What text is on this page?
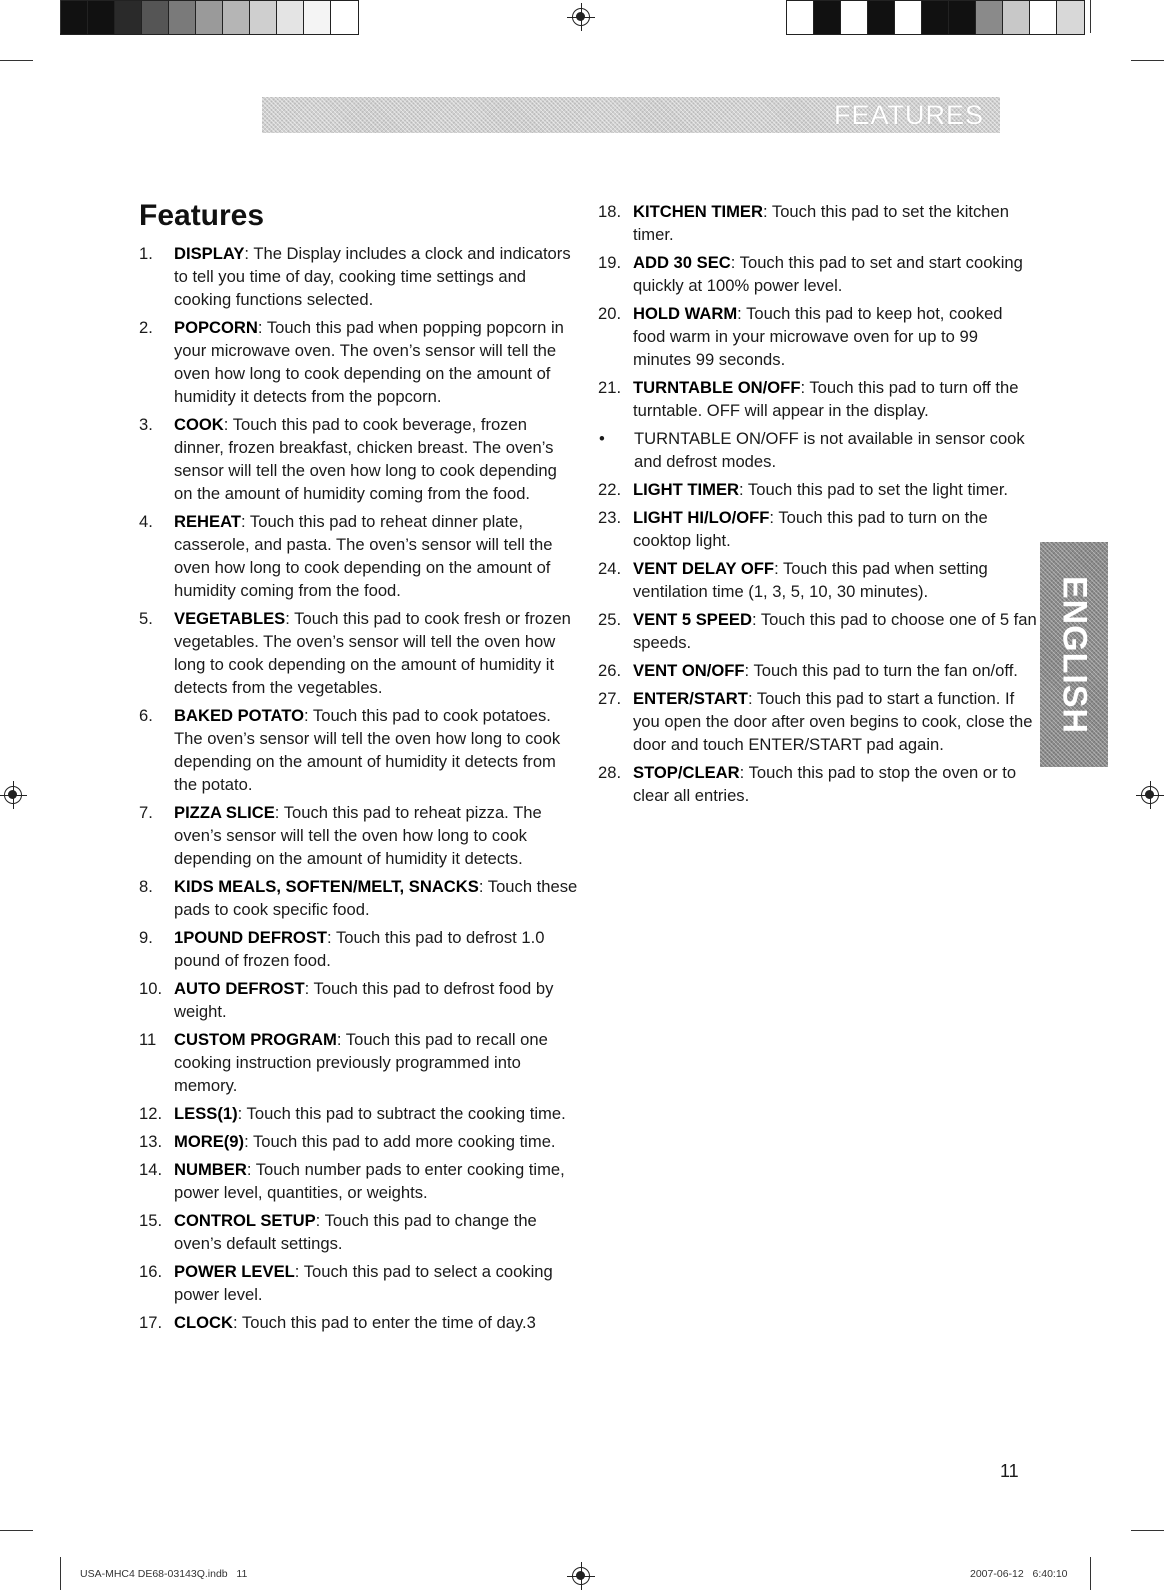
FEATURES
ENGLISH
Features
1.	DISPLAY: The Display includes a clock and indicators to tell you time of day, cooking time settings and cooking functions selected.
2.	POPCORN: Touch this pad when popping popcorn in your microwave oven. The oven’s sensor will tell the oven how long to cook depending on the amount of humidity it detects from the popcorn.
3.	COOK: Touch this pad to cook beverage, frozen dinner, frozen breakfast, chicken breast. The oven’s sensor will tell the oven how long to cook depending on the amount of humidity coming from the food.
4.	REHEAT: Touch this pad to reheat dinner plate, casserole, and pasta. The oven’s sensor will tell the oven how long to cook depending on the amount of humidity coming from the food.
5.	VEGETABLES: Touch this pad to cook fresh or frozen vegetables. The oven’s sensor will tell the oven how long to cook depending on the amount of humidity it detects from the vegetables.
6.	BAKED POTATO: Touch this pad to cook potatoes. The oven’s sensor will tell the oven how long to cook depending on the amount of humidity it detects from the potato.
7.	PIZZA SLICE: Touch this pad to reheat pizza. The oven’s sensor will tell the oven how long to cook depending on the amount of humidity it detects.
8.	KIDS MEALS, SOFTEN/MELT, SNACKS: Touch these pads to cook specific food.
9.	1POUND DEFROST: Touch this pad to defrost 1.0 pound of frozen food.
10. AUTO DEFROST: Touch this pad to defrost food by weight.
11	CUSTOM PROGRAM: Touch this pad to recall one cooking instruction previously programmed into memory.
12. LESS(1): Touch this pad to subtract the cooking time.
13. MORE(9): Touch this pad to add more cooking time.
14. NUMBER: Touch number pads to enter cooking time, power level, quantities, or weights.
15. CONTROL SETUP: Touch this pad to change the oven’s default settings.
16. POWER LEVEL: Touch this pad to select a cooking power level.
17. CLOCK: Touch this pad to enter the time of day.3
18. KITCHEN TIMER: Touch this pad to set the kitchen timer.
19. ADD 30 SEC: Touch this pad to set and start cooking quickly at 100% power level.
20. HOLD WARM: Touch this pad to keep hot, cooked food warm in your microwave oven for up to 99 minutes 99 seconds.
21. TURNTABLE ON/OFF: Touch this pad to turn off the turntable. OFF will appear in the display.
•	TURNTABLE ON/OFF is not available in sensor cook and defrost modes.
22. LIGHT TIMER: Touch this pad to set the light timer.
23. LIGHT HI/LO/OFF: Touch this pad to turn on the cooktop light.
24. VENT DELAY OFF: Touch this pad when setting ventilation time (1, 3, 5, 10, 30 minutes).
25. VENT 5 SPEED: Touch this pad to choose one of 5 fan speeds.
26. VENT ON/OFF: Touch this pad to turn the fan on/off.
27. ENTER/START: Touch this pad to start a function. If you open the door after oven begins to cook, close the door and touch ENTER/START pad again.
28. STOP/CLEAR: Touch this pad to stop the oven or to clear all entries.
11
USA-MHC4 DE68-03143Q.indb   11	2007-06-12 6:40:10
